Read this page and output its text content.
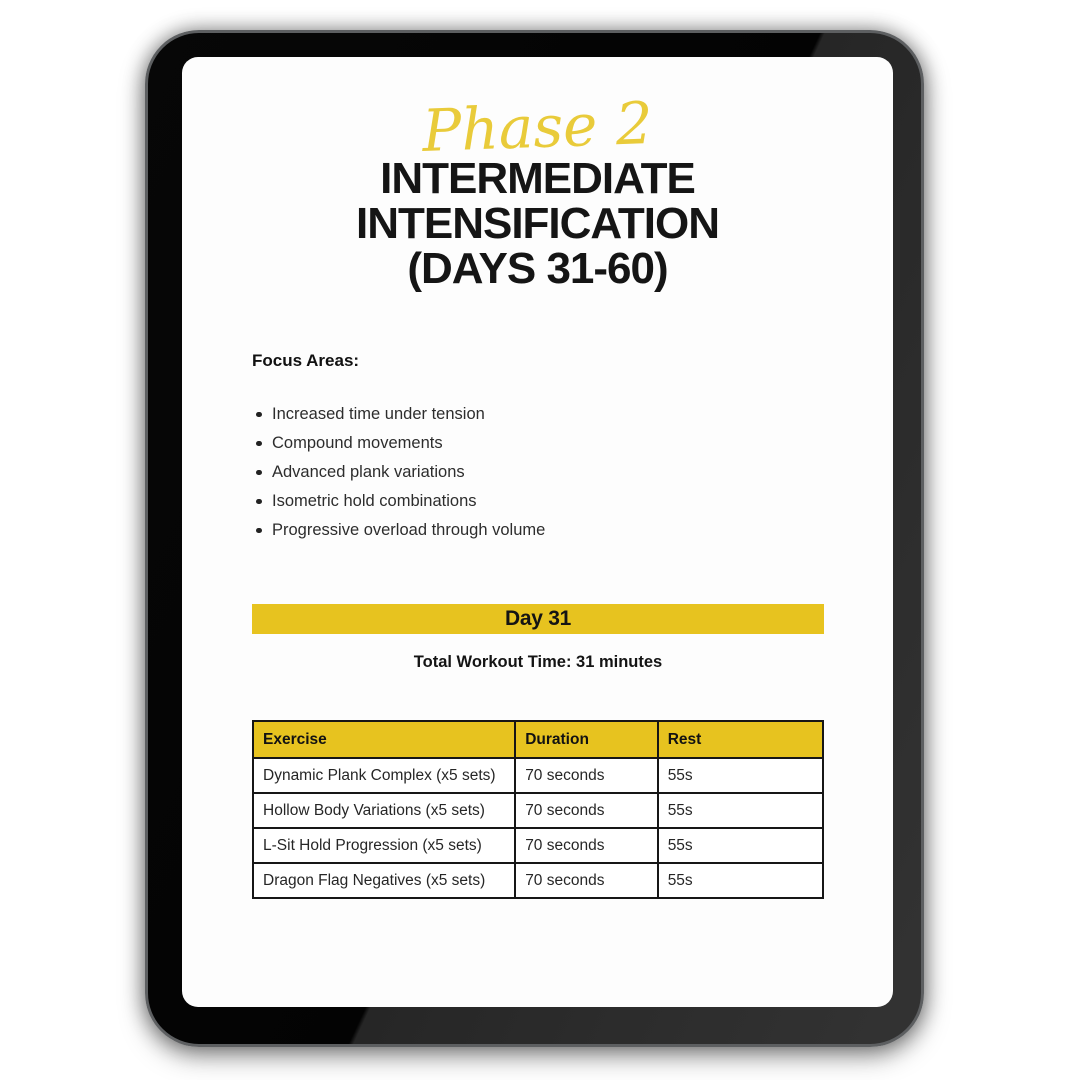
Phase 2
INTERMEDIATE
INTENSIFICATION
(DAYS 31-60)
Focus Areas:
Increased time under tension
Compound movements
Advanced plank variations
Isometric hold combinations
Progressive overload through volume
Day 31
Total Workout Time: 31 minutes
Exercise	Duration	Rest
Dynamic Plank Complex (x5 sets)	70 seconds	55s
Hollow Body Variations (x5 sets)	70 seconds	55s
L-Sit Hold Progression (x5 sets)	70 seconds	55s
Dragon Flag Negatives (x5 sets)	70 seconds	55s
